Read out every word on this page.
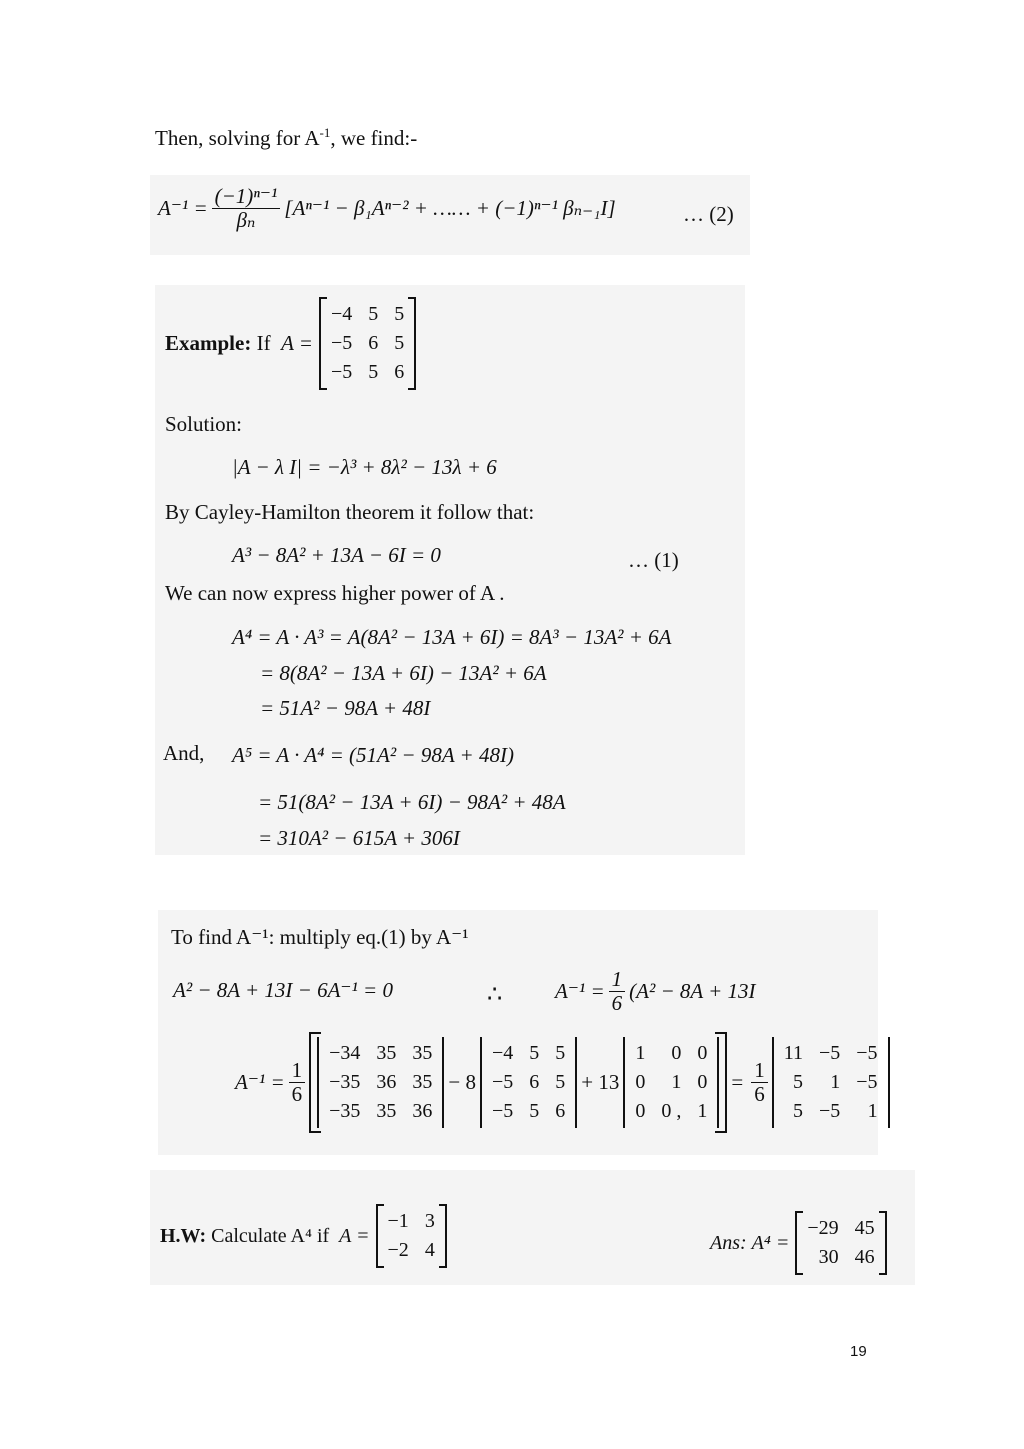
Then, solving for $A^{-1}$, we find:-
$A^{-1} = \frac{\text{(−1)ⁿ⁻¹}}{\text{βₙ}} [A^{n-1} - \beta_1A^{n-2}$ + …… + (−1)ⁿ⁻¹ βₙ₋₁I]	… (2)
Example:
If
A =
−4	5	5
−5	6	5
−5	5	6
Solution:
|A − λ I| = −λ³ + 8λ² − 13λ + 6
By Cayley-Hamilton theorem it follow that:
A³ − 8A² + 13A − 6I = 0	… (1)
We can now express higher power of A .
A⁴ = A · A³ = A(8A² − 13A + 6I) = 8A³ − 13A² + 6A
= 8(8A² − 13A + 6I) − 13A² + 6A
= 51A² − 98A + 48I
And, A⁵ = A · A⁴ = (51A² − 98A + 48I)
= 51(8A² − 13A + 6I) − 98A² + 48A
= 310A² − 615A + 306I
To find A⁻¹: multiply eq.(1) by A⁻¹
A² − 8A + 13I − 6A⁻¹ = 0	∴	$A^{-1} = \frac{1}{6} (A^2 - 8A + 13I$
$A^{-1} = \frac{1}{6}$
−34	35	35
−35	36	35
−35	35	36
− 8
−4	5	5
−5	6	5
−5	5	6
+ 13
1	0	0
0	1	0
0	0 ,	1
= $\frac{1}{6}$
11	−5	−5
5	1	−5
5	−5	1
H.W:
Calculate A⁴ if
A =
−1	3
−2	4	Ans:
A⁴ =
−29	45
30	46
19
